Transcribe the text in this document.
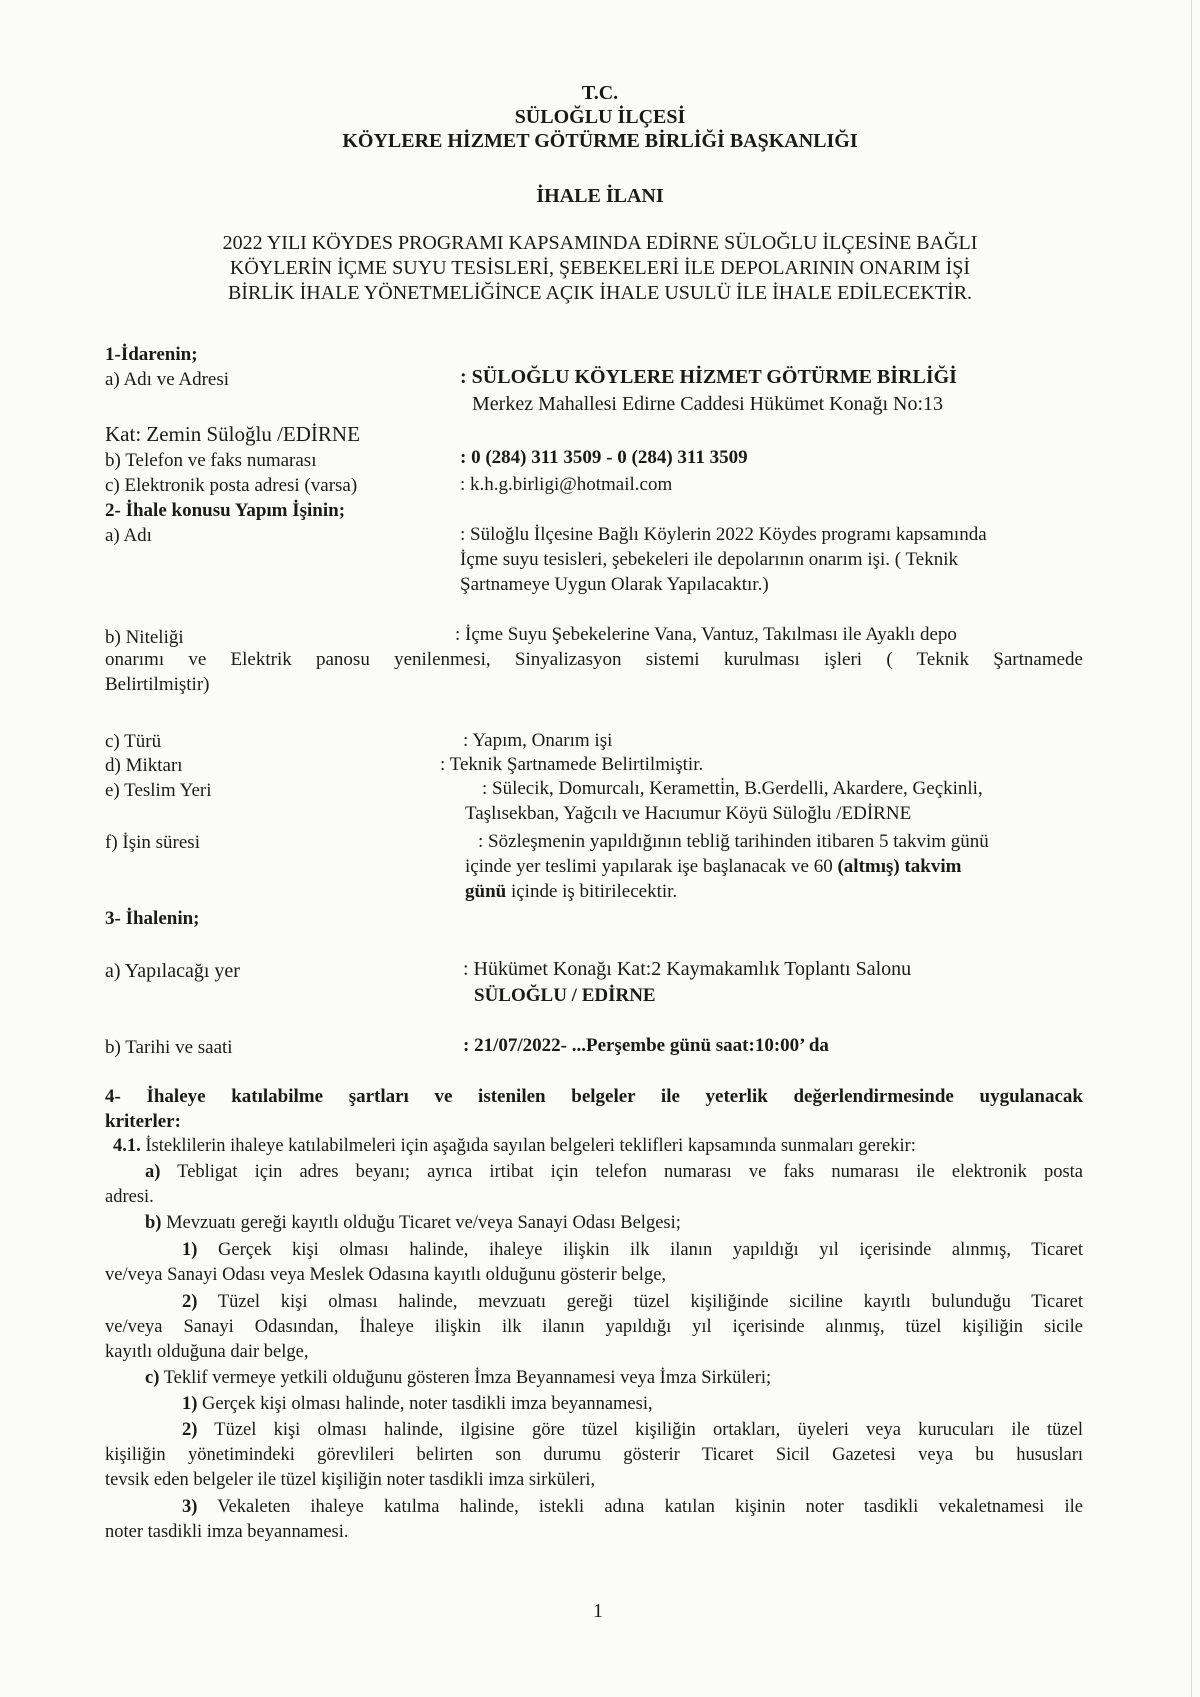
T.C.
SÜLOĞLU İLÇESİ
KÖYLERE HİZMET GÖTÜRME BİRLİĞİ BAŞKANLIĞI
İHALE İLANI
2022 YILI KÖYDES PROGRAMI KAPSAMINDA EDİRNE SÜLOĞLU İLÇESİNE BAĞLI
KÖYLERİN İÇME SUYU TESİSLERİ, ŞEBEKELERİ İLE DEPOLARININ ONARIM İŞİ
BİRLİK İHALE YÖNETMELİĞİNCE AÇIK İHALE USULÜ İLE İHALE EDİLECEKTİR.
1-İdarenin;
a) Adı ve Adresi	: SÜLOĞLU KÖYLERE HİZMET GÖTÜRME BİRLİĞİ
Merkez Mahallesi Edirne Caddesi Hükümet Konağı No:13
Kat: Zemin Süloğlu /EDİRNE
b) Telefon ve faks numarası	: 0 (284) 311 3509 - 0 (284) 311 3509
c) Elektronik posta adresi (varsa)	: k.h.g.birligi@hotmail.com
2- İhale konusu Yapım İşinin;
a) Adı	: Süloğlu İlçesine Bağlı Köylerin 2022 Köydes programı kapsamında
İçme suyu tesisleri, şebekeleri ile depolarının onarım işi. ( Teknik
Şartnameye Uygun Olarak Yapılacaktır.)
b) Niteliği	: İçme Suyu Şebekelerine Vana, Vantuz, Takılması ile Ayaklı depo
onarımı ve Elektrik panosu yenilenmesi, Sinyalizasyon sistemi kurulması işleri ( Teknik Şartnamede
Belirtilmiştir)
c) Türü	: Yapım, Onarım işi
d) Miktarı	: Teknik Şartnamede Belirtilmiştir.
e) Teslim Yeri	: Sülecik, Domurcalı, Kerametti̇n, B.Gerdelli, Akardere, Geçkinli,
Taşlısekban, Yağcılı ve Hacıumur Köyü Süloğlu /EDİRNE
f) İşin süresi	: Sözleşmenin yapıldığının tebliğ tarihinden itibaren 5 takvim günü
içinde yer teslimi yapılarak işe başlanacak ve 60 (altmış) takvim
günü içinde iş bitirilecektir.
3- İhalenin;
a) Yapılacağı yer	: Hükümet Konağı Kat:2 Kaymakamlık Toplantı Salonu
SÜLOĞLU / EDİRNE
b) Tarihi ve saati	: 21/07/2022- ...Perşembe günü saat:10:00’ da
4- İhaleye katılabilme şartları ve istenilen belgeler ile yeterlik değerlendirmesinde uygulanacak
kriterler:
4.1. İsteklilerin ihaleye katılabilmeleri için aşağıda sayılan belgeleri teklifleri kapsamında sunmaları gerekir:
a) Tebligat için adres beyanı; ayrıca irtibat için telefon numarası ve faks numarası ile elektronik posta
adresi.
b) Mevzuatı gereği kayıtlı olduğu Ticaret ve/veya Sanayi Odası Belgesi;
1) Gerçek kişi olması halinde, ihaleye ilişkin ilk ilanın yapıldığı yıl içerisinde alınmış, Ticaret
ve/veya Sanayi Odası veya Meslek Odasına kayıtlı olduğunu gösterir belge,
2) Tüzel kişi olması halinde, mevzuatı gereği tüzel kişiliğinde siciline kayıtlı bulunduğu Ticaret
ve/veya Sanayi Odasından, İhaleye ilişkin ilk ilanın yapıldığı yıl içerisinde alınmış, tüzel kişiliğin sicile
kayıtlı olduğuna dair belge,
c) Teklif vermeye yetkili olduğunu gösteren İmza Beyannamesi veya İmza Sirküleri;
1) Gerçek kişi olması halinde, noter tasdikli imza beyannamesi,
2) Tüzel kişi olması halinde, ilgisine göre tüzel kişiliğin ortakları, üyeleri veya kurucuları ile tüzel
kişiliğin yönetimindeki görevlileri belirten son durumu gösterir Ticaret Sicil Gazetesi veya bu hususları
tevsik eden belgeler ile tüzel kişiliğin noter tasdikli imza sirküleri,
3) Vekaleten ihaleye katılma halinde, istekli adına katılan kişinin noter tasdikli vekaletnamesi ile
noter tasdikli imza beyannamesi.
1
